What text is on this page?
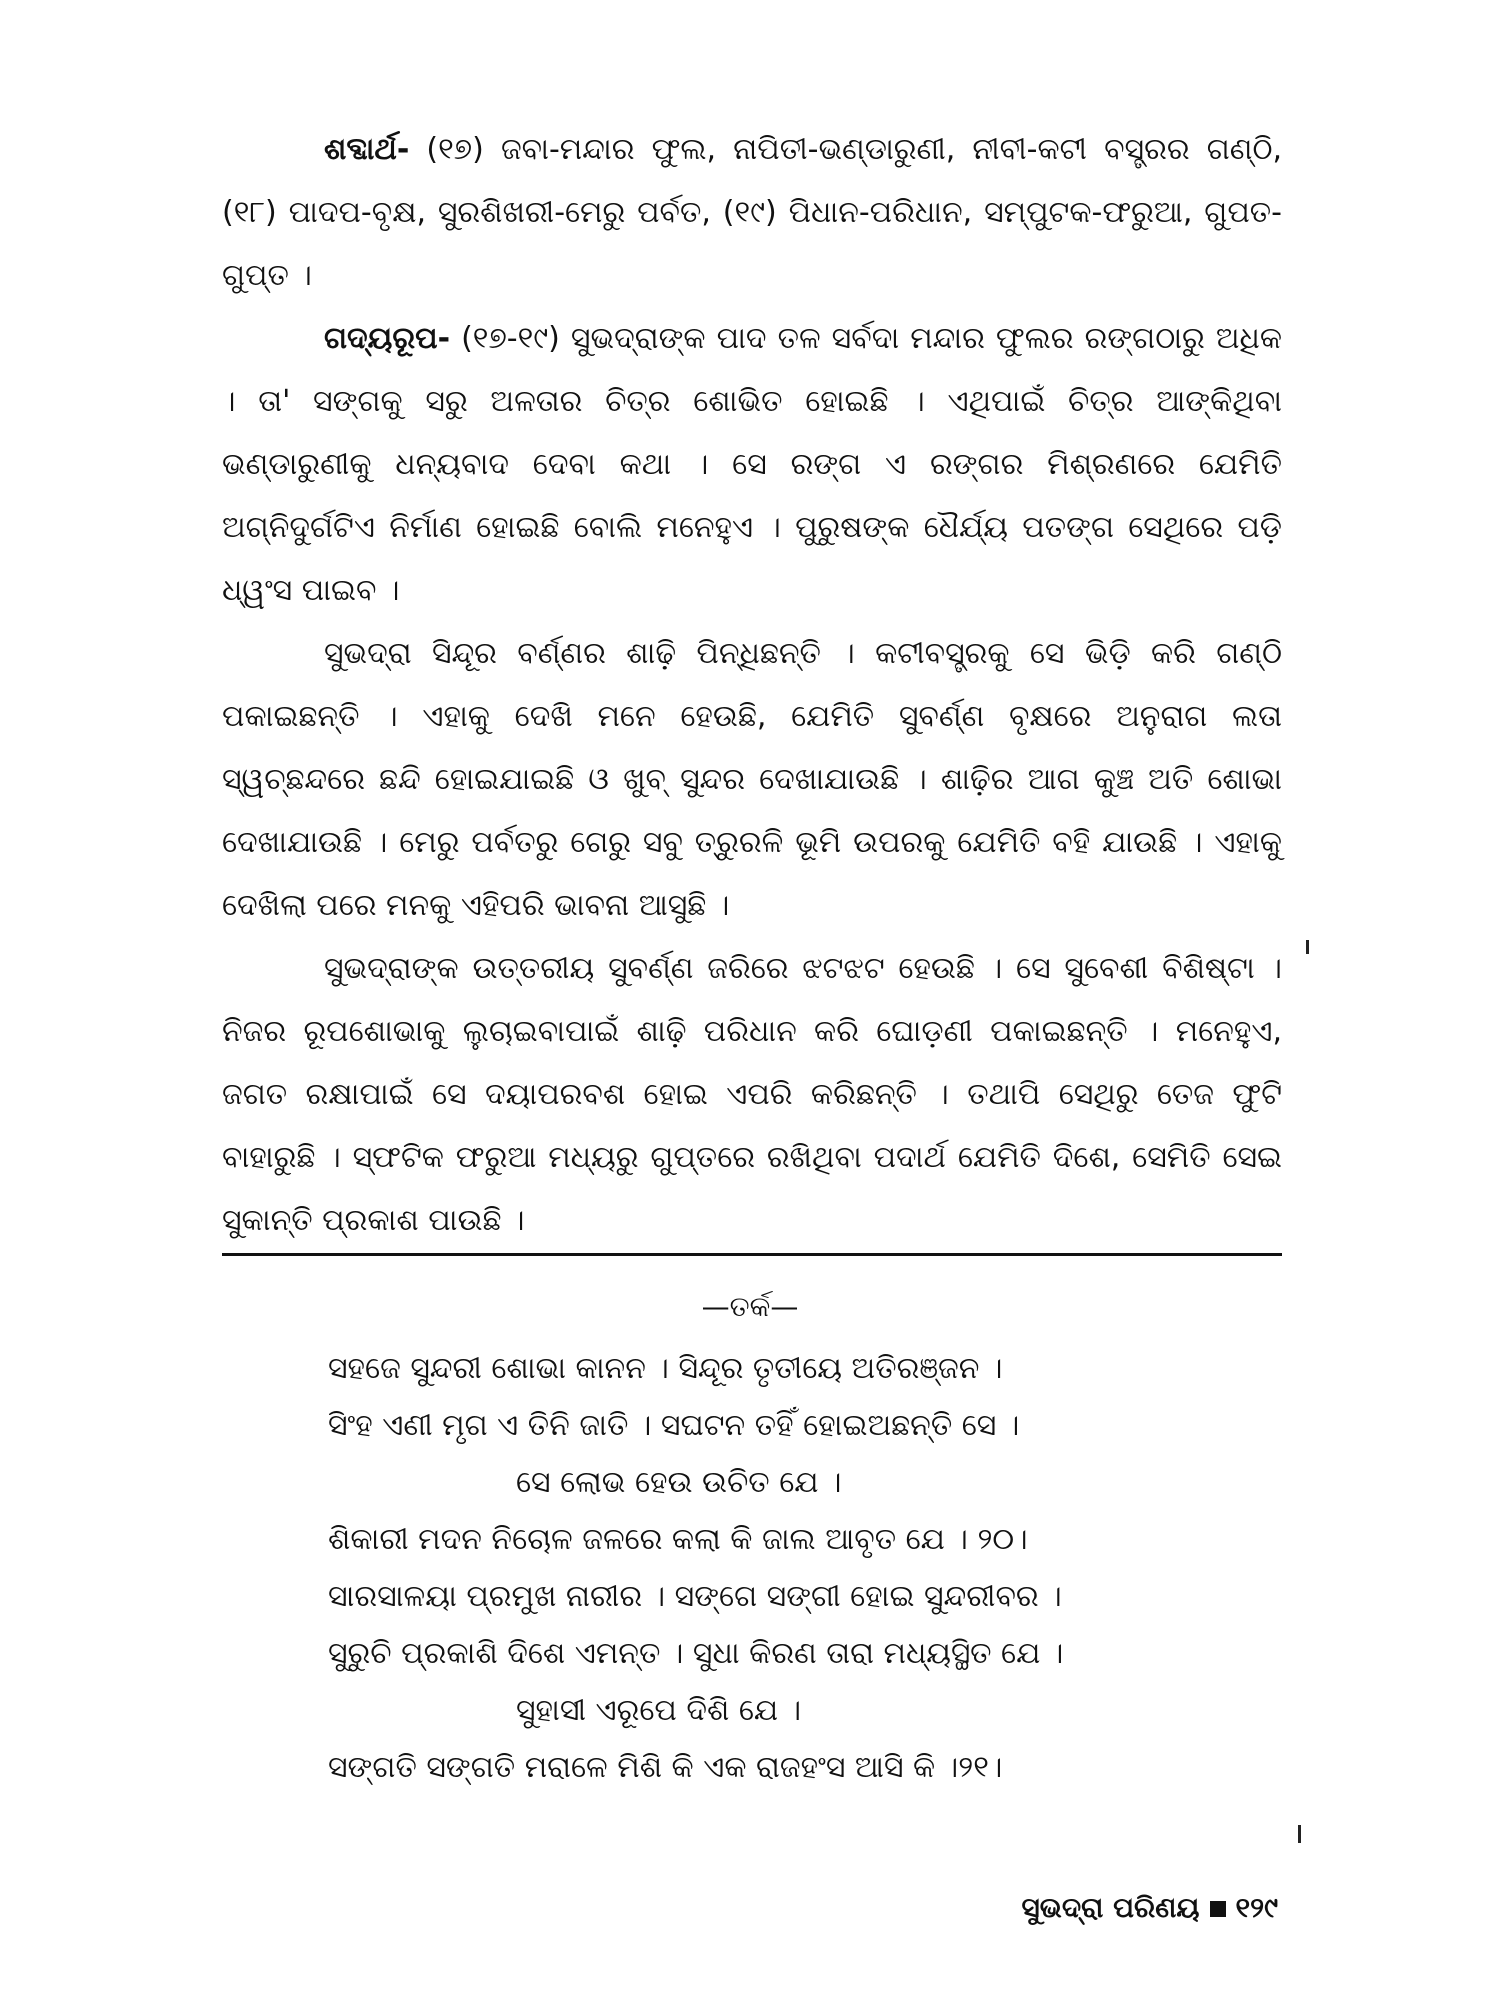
ଶବ୍ଦାର୍ଥ- (୧୭) ଜବା-ମନ୍ଦାର ଫୁଲ, ନାପିତୀ-ଭଣ୍ଡାରୁଣୀ, ନୀବୀ-କଟୀ ବସ୍ତ୍ରର ଗଣ୍ଠି, (୧୮) ପାଦପ-ବୃକ୍ଷ, ସୁରଶିଖରୀ-ମେରୁ ପର୍ବତ, (୧୯) ପିଧାନ-ପରିଧାନ, ସମ୍ପୁଟକ-ଫରୁଆ, ଗୁପତ-ଗୁପ୍ତ ।

ଗଦ୍ୟରୂପ- (୧୭-୧୯) ସୁଭଦ୍ରାଙ୍କ ପାଦ ତଳ ସର୍ବଦା ମନ୍ଦାର ଫୁଲର ରଙ୍ଗଠାରୁ ଅଧିକ । ତା' ସଙ୍ଗକୁ ସରୁ ଅଳତାର ଚିତ୍ର ଶୋଭିତ ହୋଇଛି । ଏଥିପାଇଁ ଚିତ୍ର ଆଙ୍କିଥିବା ଭଣ୍ଡାରୁଣୀକୁ ଧନ୍ୟବାଦ ଦେବା କଥା । ସେ ରଙ୍ଗ ଏ ରଙ୍ଗର ମିଶ୍ରଣରେ ଯେମିତି ଅଗ୍ନିଦୁର୍ଗଟିଏ ନିର୍ମାଣ ହୋଇଛି ବୋଲି ମନେହୁଏ । ପୁରୁଷଙ୍କ ଧୈର୍ଯ୍ୟ ପତଙ୍ଗ ସେଥିରେ ପଡ଼ି ଧ୍ୱଂସ ପାଇବ ।

ସୁଭଦ୍ରା ସିନ୍ଦୂର ବର୍ଣ୍ଣର ଶାଢ଼ି ପିନ୍ଧିଛନ୍ତି । କଟୀବସ୍ତ୍ରକୁ ସେ ଭିଡ଼ି କରି ଗଣ୍ଠି ପକାଇଛନ୍ତି । ଏହାକୁ ଦେଖି ମନେ ହେଉଛି, ଯେମିତି ସୁବର୍ଣ୍ଣ ବୃକ୍ଷରେ ଅନୁରାଗ ଲତା ସ୍ୱଚ୍ଛନ୍ଦରେ ଛନ୍ଦି ହୋଇଯାଇଛି ଓ ଖୁବ୍ ସୁନ୍ଦର ଦେଖାଯାଉଛି । ଶାଢ଼ିର ଆଗ କୁଞ୍ଚ ଅତି ଶୋଭା ଦେଖାଯାଉଛି । ମେରୁ ପର୍ବତରୁ ଗେରୁ ସବୁ ତ୍ରୁରଳି ଭୂମି ଉପରକୁ ଯେମିତି ବହି ଯାଉଛି । ଏହାକୁ ଦେଖିଲା ପରେ ମନକୁ ଏହିପରି ଭାବନା ଆସୁଛି ।

ସୁଭଦ୍ରାଙ୍କ ଉତ୍ତରୀୟ ସୁବର୍ଣ୍ଣ ଜରିରେ ଝଟଝଟ ହେଉଛି । ସେ ସୁବେଶୀ ବିଶିଷ୍ଟା । ନିଜର ରୂପଶୋଭାକୁ ଲୁଚାଇବାପାଇଁ ଶାଢ଼ି ପରିଧାନ କରି ଘୋଡ଼ଣୀ ପକାଇଛନ୍ତି । ମନେହୁଏ, ଜଗତ ରକ୍ଷାପାଇଁ ସେ ଦୟାପରବଶ ହୋଇ ଏପରି କରିଛନ୍ତି । ତଥାପି ସେଥିରୁ ତେଜ ଫୁଟି ବାହାରୁଛି । ସ୍ଫଟିକ ଫରୁଆ ମଧ୍ୟରୁ ଗୁପ୍ତରେ ରଖିଥିବା ପଦାର୍ଥ ଯେମିତି ଦିଶେ, ସେମିତି ସେଇ ସୁକାନ୍ତି ପ୍ରକାଶ ପାଉଛି ।

—ତର୍କ—

ସହଜେ ସୁନ୍ଦରୀ ଶୋଭା କାନନ । ସିନ୍ଦୂର ତୃତୀୟେ ଅତିରଞ୍ଜନ ।

ସିଂହ ଏଣୀ ମୃଗ ଏ ତିନି ଜାତି । ସଘଟନ ତହିଁ ହୋଇଅଛନ୍ତି ସେ ।

ସେ ଲୋଭ ହେଉ ଉଚିତ ଯେ ।

ଶିକାରୀ ମଦନ ନିଚୋଳ ଜଳରେ କଲା କି ଜାଲ ଆବୃତ ଯେ । ୨୦।

ସାରସାଳୟା ପ୍ରମୁଖ ନାରୀର । ସଙ୍ଗେ ସଙ୍ଗୀ ହୋଇ ସୁନ୍ଦରୀବର ।

ସୁରୁଚି ପ୍ରକାଶି ଦିଶେ ଏମନ୍ତ । ସୁଧା କିରଣ ତାରା ମଧ୍ୟସ୍ଥିତ ଯେ ।

ସୁହାସୀ ଏରୂପେ ଦିଶି ଯେ ।

ସଙ୍ଗତି ସଙ୍ଗତି ମରାଳେ ମିଶି କି ଏକ ରାଜହଂସ ଆସି କି ।୨୧।

ସୁଭଦ୍ରା ପରିଣୟ ୧୨୯
